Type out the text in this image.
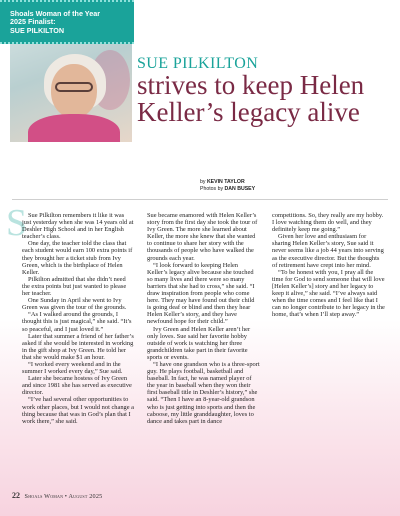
Shoals Woman of the Year
2025 Finalist:
SUE PILKILTON
SUE PILKILTON
strives to keep Helen Keller’s legacy alive
by KEVIN TAYLOR
Photos by DAN BUSEY
S Sue Pilkilton remembers it like it was just yesterday when she was 14 years old at Deshler High School and in her English teacher’s class.

One day, the teacher told the class that each student would earn 100 extra points if they brought her a ticket stub from Ivy Green, which is the birthplace of Helen Keller.

Pilkilton admitted that she didn’t need the extra points but just wanted to please her teacher.

One Sunday in April she went to Ivy Green was given the tour of the grounds.

“As I walked around the grounds, I thought this is just magical,” she said. “It’s so peaceful, and I just loved it.”

Later that summer a friend of her father’s asked if she would be interested in working in the gift shop at Ivy Green. He told her that she would make $1 an hour.

“I worked every weekend and in the summer I worked every day,” Sue said.

Later she became hostess of Ivy Green and since 1981 she has served as executive director.

“I’ve had several other opportunities to work other places, but I would not change a thing because that was in God’s plan that I work there,” she said.

Sue became enamored with Helen Keller’s story from the first day she took the tour of Ivy Green. The more she learned about Keller, the more she knew that she wanted to continue to share her story with the thousands of people who have walked the grounds each year.

“I look forward to keeping Helen Keller’s legacy alive because she touched so many lives and there were so many barriers that she had to cross,” she said. “I draw inspiration from people who come here. They may have found out their child is going deaf or blind and then they hear Helen Keller’s story, and they have newfound hope for their child.”

Ivy Green and Helen Keller aren’t her only loves. Sue said her favorite hobby outside of work is watching her three grandchildren take part in their favorite sports or events.

“I have one grandson who is a three-sport guy. He plays football, basketball and baseball. In fact, he was named player of the year in baseball when they won their first baseball title in Deshler’s history,” she said. “Then I have an 8-year-old grandson who is just getting into sports and then the caboose, my little granddaughter, loves to dance and takes part in dance

competitions. So, they really are my hobby. I love watching them do well, and they definitely keep me going.”

Given her love and enthusiasm for sharing Helen Keller’s story, Sue said it never seems like a job 44 years into serving as the executive director. But the thoughts of retirement have crept into her mind.

“To be honest with you, I pray all the time for God to send someone that will love [Helen Keller’s] story and her legacy to keep it alive,” she said. “I’ve always said when the time comes and I feel like that I can no longer contribute to her legacy in the home, that’s when I’ll step away.”

22 Shoals Woman • August 2025
